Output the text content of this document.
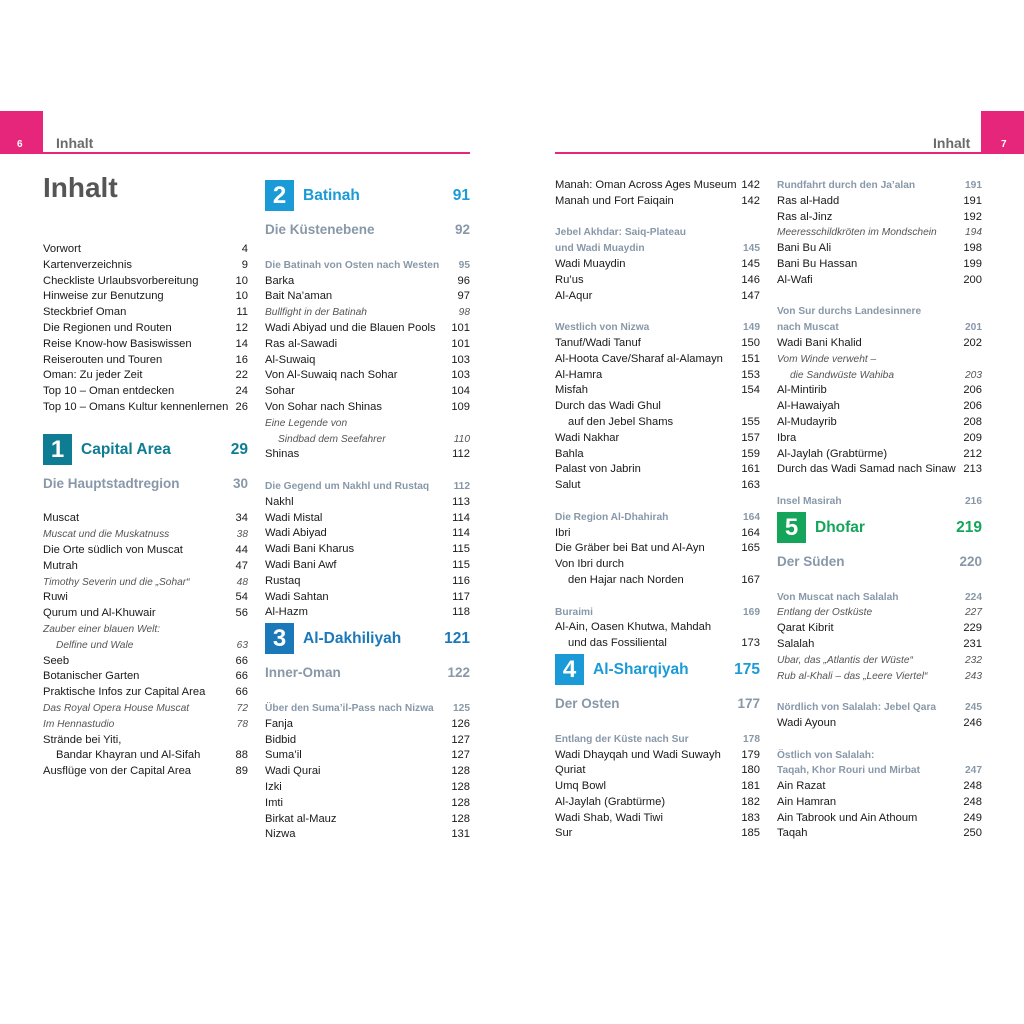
6 Inhalt
Inhalt
7
Inhalt
Vorwort	4
Kartenverzeichnis	9
Checkliste Urlaubsvorbereitung	10
Hinweise zur Benutzung	10
Steckbrief Oman	11
Die Regionen und Routen	12
Reise Know-how Basiswissen	14
Reiserouten und Touren	16
Oman: Zu jeder Zeit	22
Top 10 – Oman entdecken	24
Top 10 – Omans Kultur kennenlernen 26
1	Capital Area	29
Die Hauptstadtregion	30
Muscat	34
Muscat und die Muskatnuss	38
Die Orte südlich von Muscat	44
Mutrah	47
Timothy Severin und die „Sohar“	48
Ruwi	54
Qurum und Al-Khuwair	56
Zauber einer blauen Welt:
Delfine und Wale	63
Seeb	66
Botanischer Garten	66
Praktische Infos zur Capital Area	66
Das Royal Opera House Muscat	72
Im Hennastudio	78
Strände bei Yiti,
Bandar Khayran und Al-Sifah	88
Ausflüge von der Capital Area	89
2	Batinah	91
Die Küstenebene	92
Die Batinah von Osten nach Westen 95
Barka	96
Bait Na’aman	97
Bullfight in der Batinah	98
Wadi Abiyad und die Blauen Pools 101
Ras al-Sawadi	101
Al-Suwaiq	103
Von Al-Suwaiq nach Sohar	103
Sohar	104
Von Sohar nach Shinas	109
Eine Legende von
Sindbad dem Seefahrer	110
Shinas	112
Die Gegend um Nakhl und Rustaq 112
Nakhl	113
Wadi Mistal	114
Wadi Abiyad	114
Wadi Bani Kharus	115
Wadi Bani Awf	115
Rustaq	116
Wadi Sahtan	117
Al-Hazm	118
3	Al-Dakhiliyah	121
Inner-Oman	122
Über den Suma’il-Pass nach Nizwa 125
Fanja	126
Bidbid	127
Suma’il	127
Wadi Qurai	128
Izki	128
Imti	128
Birkat al-Mauz	128
Nizwa	131
Manah: Oman Across Ages Museum 142
Manah und Fort Faiqain	142
Jebel Akhdar: Saiq-Plateau
und Wadi Muaydin	145
Wadi Muaydin	145
Ru’us	146
Al-Aqur	147
Westlich von Nizwa	149
Tanuf/Wadi Tanuf	150
Al-Hoota Cave/Sharaf al-Alamayn 151
Al-Hamra	153
Misfah	154
Durch das Wadi Ghul
auf den Jebel Shams	155
Wadi Nakhar	157
Bahla	159
Palast von Jabrin	161
Salut	163
Die Region Al-Dhahirah	164
Ibri	164
Die Gräber bei Bat und Al-Ayn	165
Von Ibri durch
den Hajar nach Norden	167
Buraimi	169
Al-Ain, Oasen Khutwa, Mahdah
und das Fossiliental	173
4	Al-Sharqiyah	175
Der Osten	177
Entlang der Küste nach Sur	178
Wadi Dhayqah und Wadi Suwayh 179
Quriat	180
Umq Bowl	181
Al-Jaylah (Grabtürme)	182
Wadi Shab, Wadi Tiwi	183
Sur	185
Rundfahrt durch den Ja’alan	191
Ras al-Hadd	191
Ras al-Jinz	192
Meeresschildkröten im Mondschein	194
Bani Bu Ali	198
Bani Bu Hassan	199
Al-Wafi	200
Von Sur durchs Landesinnere
nach Muscat	201
Wadi Bani Khalid	202
Vom Winde verweht –
die Sandwüste Wahiba	203
Al-Mintirib	206
Al-Hawaiyah	206
Al-Mudayrib	208
Ibra	209
Al-Jaylah (Grabtürme)	212
Durch das Wadi Samad nach Sinaw 213
Insel Masirah	216
5	Dhofar	219
Der Süden	220
Von Muscat nach Salalah	224
Entlang der Ostküste	227
Qarat Kibrit	229
Salalah	231
Ubar, das „Atlantis der Wüste“	232
Rub al-Khali – das „Leere Viertel“	243
Nördlich von Salalah: Jebel Qara	245
Wadi Ayoun	246
Östlich von Salalah:
Taqah, Khor Rouri und Mirbat	247
Ain Razat	248
Ain Hamran	248
Ain Tabrook und Ain Athoum	249
Taqah	250
